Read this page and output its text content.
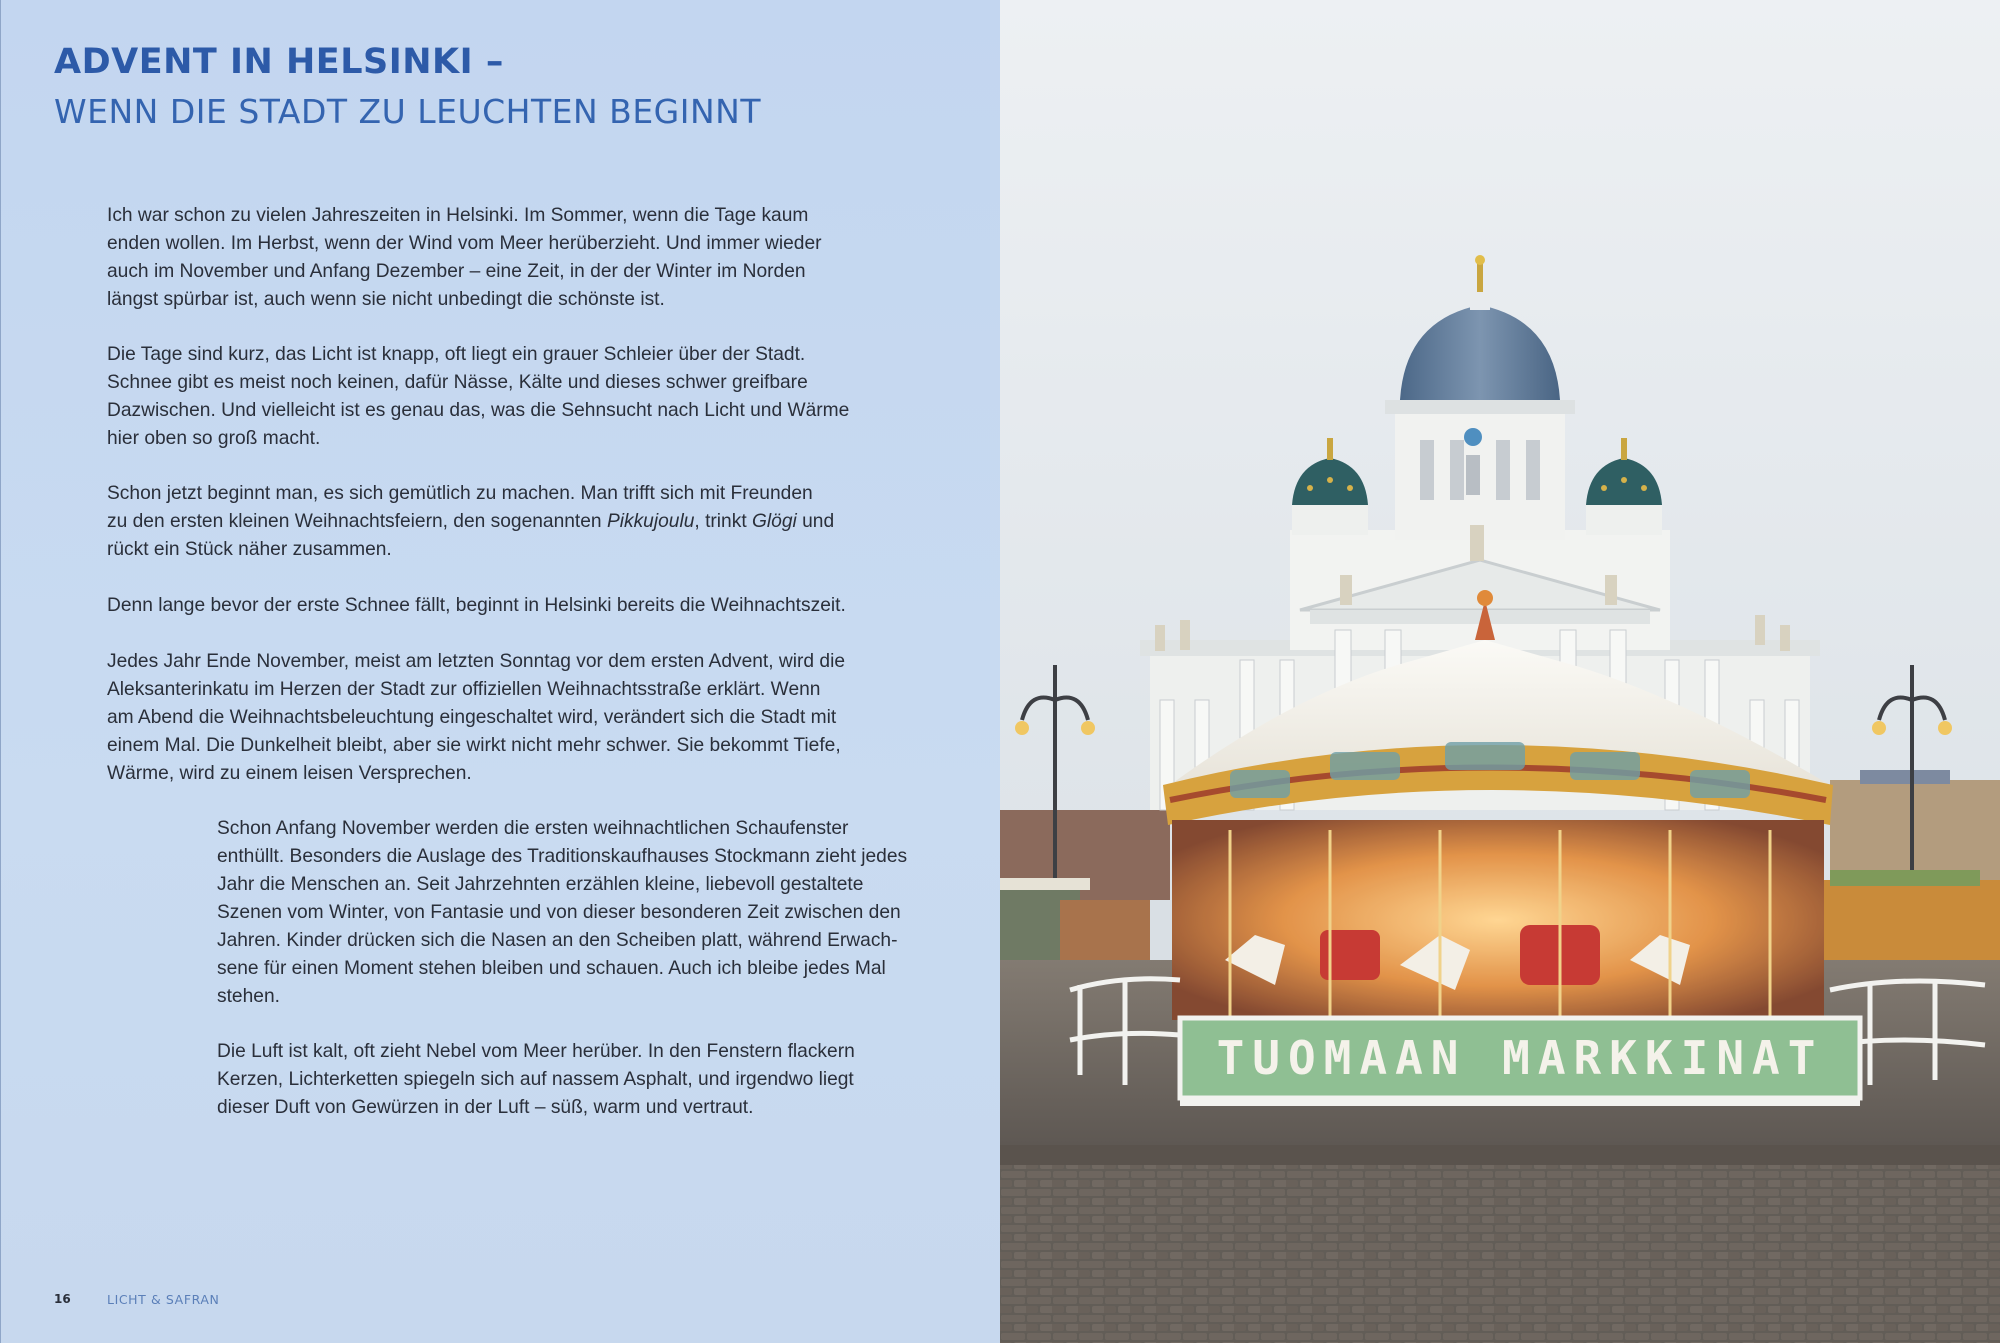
ADVENT IN HELSINKI –
WENN DIE STADT ZU LEUCHTEN BEGINNT

Ich war schon zu vielen Jahreszeiten in Helsinki. Im Sommer, wenn die Tage kaum
enden wollen. Im Herbst, wenn der Wind vom Meer herüberzieht. Und immer wieder
auch im November und Anfang Dezember – eine Zeit, in der der Winter im Norden
längst spürbar ist, auch wenn sie nicht unbedingt die schönste ist.

Die Tage sind kurz, das Licht ist knapp, oft liegt ein grauer Schleier über der Stadt.
Schnee gibt es meist noch keinen, dafür Nässe, Kälte und dieses schwer greifbare
Dazwischen. Und vielleicht ist es genau das, was die Sehnsucht nach Licht und Wärme
hier oben so groß macht.

Schon jetzt beginnt man, es sich gemütlich zu machen. Man trifft sich mit Freunden
zu den ersten kleinen Weihnachtsfeiern, den sogenannten Pikkujoulu, trinkt Glögi und
rückt ein Stück näher zusammen.

Denn lange bevor der erste Schnee fällt, beginnt in Helsinki bereits die Weihnachtszeit.

Jedes Jahr Ende November, meist am letzten Sonntag vor dem ersten Advent, wird die
Aleksanterinkatu im Herzen der Stadt zur offiziellen Weihnachtsstraße erklärt. Wenn
am Abend die Weihnachtsbeleuchtung eingeschaltet wird, verändert sich die Stadt mit
einem Mal. Die Dunkelheit bleibt, aber sie wirkt nicht mehr schwer. Sie bekommt Tiefe,
Wärme, wird zu einem leisen Versprechen.

Schon Anfang November werden die ersten weihnachtlichen Schaufenster
enthüllt. Besonders die Auslage des Traditionskaufhauses Stockmann zieht jedes
Jahr die Menschen an. Seit Jahrzehnten erzählen kleine, liebevoll gestaltete
Szenen vom Winter, von Fantasie und von dieser besonderen Zeit zwischen den
Jahren. Kinder drücken sich die Nasen an den Scheiben platt, während Erwach-
sene für einen Moment stehen bleiben und schauen. Auch ich bleibe jedes Mal
stehen.

Die Luft ist kalt, oft zieht Nebel vom Meer herüber. In den Fenstern flackern
Kerzen, Lichterketten spiegeln sich auf nassem Asphalt, und irgendwo liegt
dieser Duft von Gewürzen in der Luft – süß, warm und vertraut.

16	LICHT & SAFRAN
TUOMAAN MARKKINAT
